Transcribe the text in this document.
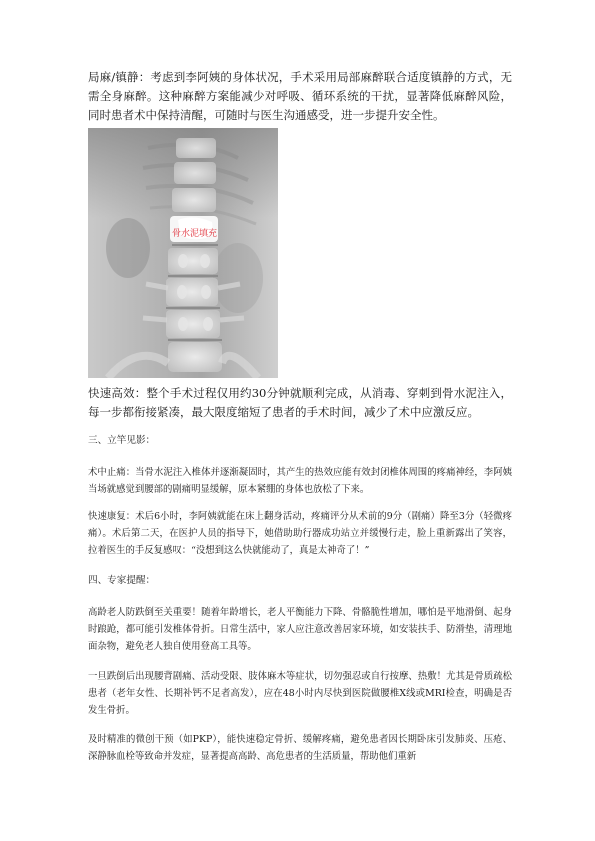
局麻/镇静：考虑到李阿姨的身体状况，手术采用局部麻醉联合适度镇静的方式，无需全身麻醉。这种麻醉方案能减少对呼吸、循环系统的干扰，显著降低麻醉风险，同时患者术中保持清醒，可随时与医生沟通感受，进一步提升安全性。

骨水泥填充

快速高效：整个手术过程仅用约30分钟就顺利完成，从消毒、穿刺到骨水泥注入，每一步都衔接紧凑，最大限度缩短了患者的手术时间，减少了术中应激反应。

三、立竿见影：

术中止痛：当骨水泥注入椎体并逐渐凝固时，其产生的热效应能有效封闭椎体周围的疼痛神经，李阿姨当场就感觉到腰部的剧痛明显缓解，原本紧绷的身体也放松了下来。

快速康复：术后6小时，李阿姨就能在床上翻身活动，疼痛评分从术前的9分（剧痛）降至3分（轻微疼痛）。术后第二天，在医护人员的指导下，她借助助行器成功站立并缓慢行走，脸上重新露出了笑容，拉着医生的手反复感叹：“没想到这么快就能动了，真是太神奇了！”

四、专家提醒：

高龄老人防跌倒至关重要！随着年龄增长，老人平衡能力下降、骨骼脆性增加，哪怕是平地滑倒、起身时踉跄，都可能引发椎体骨折。日常生活中，家人应注意改善居家环境，如安装扶手、防滑垫，清理地面杂物，避免老人独自使用登高工具等。

一旦跌倒后出现腰背剧痛、活动受限、肢体麻木等症状，切勿强忍或自行按摩、热敷！尤其是骨质疏松患者（老年女性、长期补钙不足者高发），应在48小时内尽快到医院做腰椎X线或MRI检查，明确是否发生骨折。

及时精准的微创干预（如PKP），能快速稳定骨折、缓解疼痛，避免患者因长期卧床引发肺炎、压疮、深静脉血栓等致命并发症，显著提高高龄、高危患者的生活质量，帮助他们重新
